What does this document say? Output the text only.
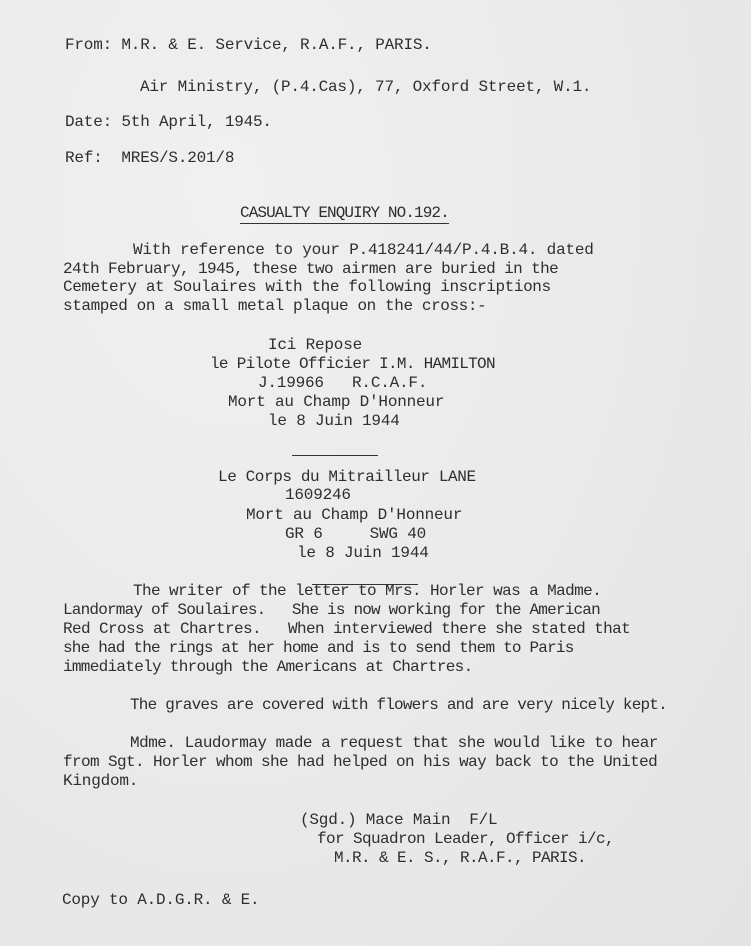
From: M.R. & E. Service, R.A.F., PARIS.
Air Ministry, (P.4.Cas), 77, Oxford Street, W.1.
Date: 5th April, 1945.
Ref:  MRES/S.201/8
CASUALTY ENQUIRY NO.192.
With reference to your P.418241/44/P.4.B.4. dated
24th February, 1945, these two airmen are buried in the
Cemetery at Soulaires with the following inscriptions
stamped on a small metal plaque on the cross:-
Ici Repose
le Pilote Officier I.M. HAMILTON
J.19966   R.C.A.F.
Mort au Champ D'Honneur
le 8 Juin 1944
Le Corps du Mitrailleur LANE
1609246
Mort au Champ D'Honneur
GR 6     SWG 40
le 8 Juin 1944
The writer of the letter to Mrs. Horler was a Madme.
Landormay of Soulaires.   She is now working for the American
Red Cross at Chartres.   When interviewed there she stated that
she had the rings at her home and is to send them to Paris
immediately through the Americans at Chartres.
The graves are covered with flowers and are very nicely kept.
Mdme. Laudormay made a request that she would like to hear
from Sgt. Horler whom she had helped on his way back to the United
Kingdom.
(Sgd.) Mace Main  F/L
for Squadron Leader, Officer i/c,
M.R. & E. S., R.A.F., PARIS.
Copy to A.D.G.R. & E.
